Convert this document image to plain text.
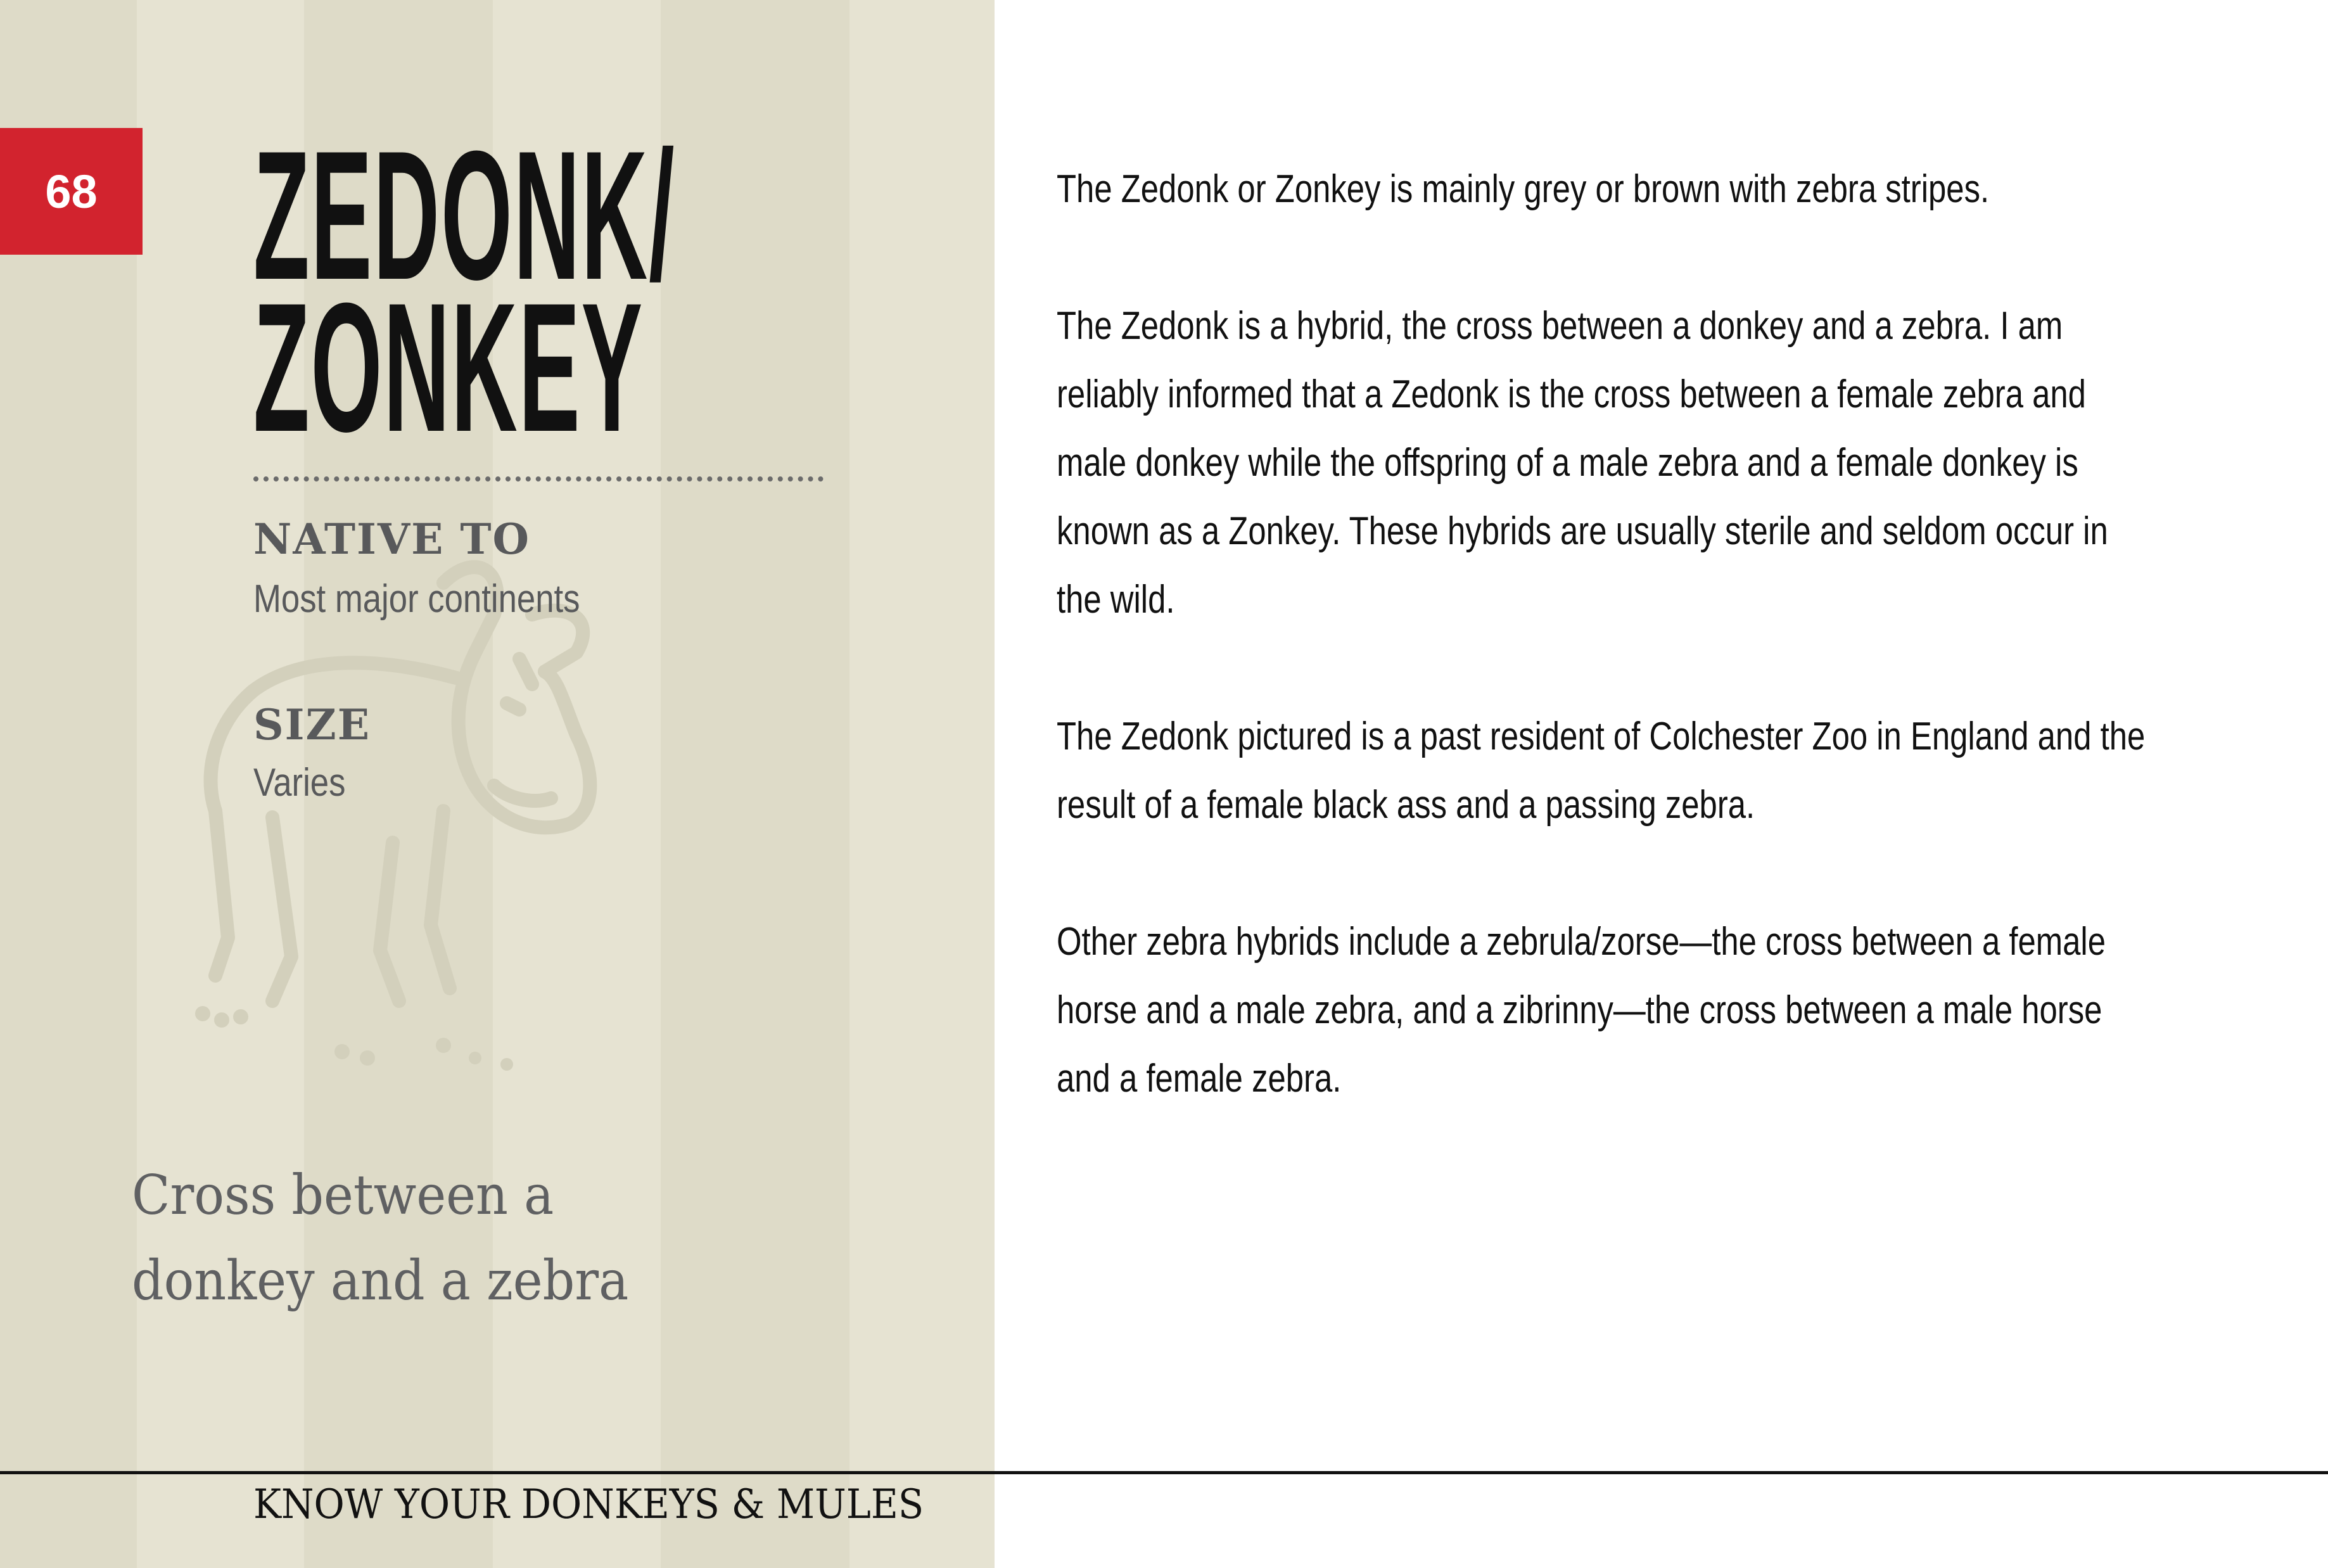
68 ZEDONK/
ZONKEY
NATIVE TO
Most major continents
SIZE
Varies
Cross between a
donkey and a zebra
The Zedonk or Zonkey is mainly grey or brown with zebra stripes.
The Zedonk is a hybrid, the cross between a donkey and a zebra. I am
reliably informed that a Zedonk is the cross between a female zebra and
male donkey while the offspring of a male zebra and a female donkey is
known as a Zonkey. These hybrids are usually sterile and seldom occur in
the wild.
The Zedonk pictured is a past resident of Colchester Zoo in England and the
result of a female black ass and a passing zebra.
Other zebra hybrids include a zebrula/zorse—the cross between a female
horse and a male zebra, and a zibrinny—the cross between a male horse
and a female zebra.
KNOW YOUR DONKEYS & MULES
